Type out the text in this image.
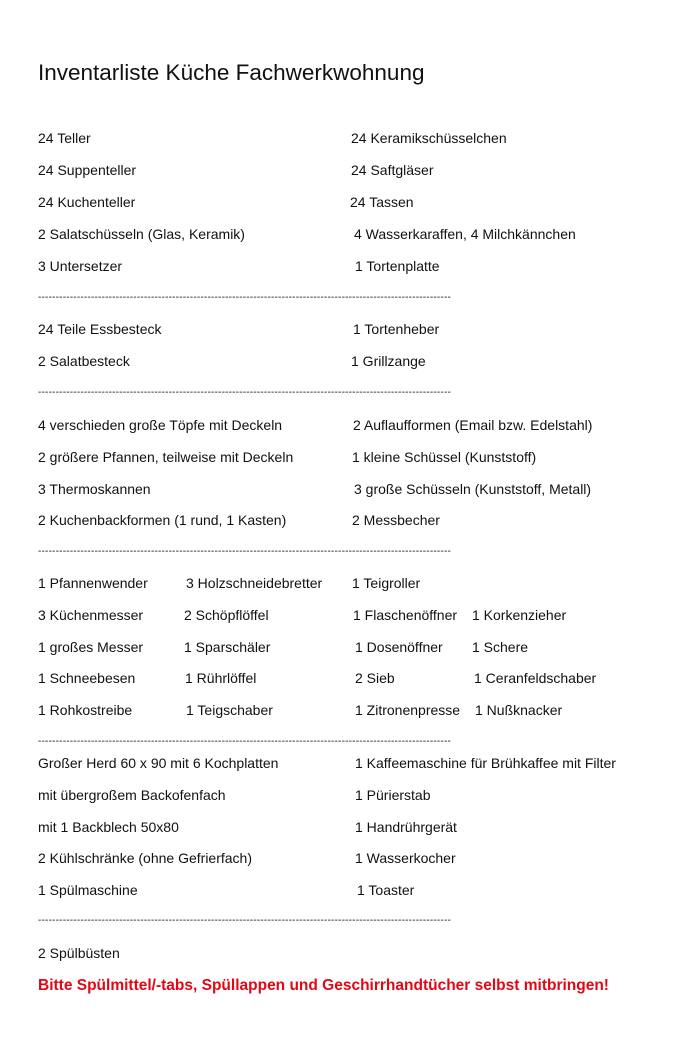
Inventarliste Küche Fachwerkwohnung
24 Teller
24 Suppenteller
24 Kuchenteller
2 Salatschüsseln (Glas, Keramik)
3 Untersetzer
24 Keramikschüsselchen
24 Saftgläser
24 Tassen
4 Wasserkaraffen, 4 Milchkännchen
1 Tortenplatte
---------------------------------------------------------------------------------------------------------------------
24 Teile Essbesteck
2 Salatbesteck
1 Tortenheber
1 Grillzange
---------------------------------------------------------------------------------------------------------------------
4 verschieden große Töpfe mit Deckeln
2 größere Pfannen, teilweise mit Deckeln
3 Thermoskannen
2 Kuchenbackformen (1 rund, 1 Kasten)
2 Auflaufformen (Email bzw. Edelstahl)
1 kleine Schüssel (Kunststoff)
3 große Schüsseln (Kunststoff, Metall)
2 Messbecher
---------------------------------------------------------------------------------------------------------------------
1 Pfannenwender
3 Küchenmesser
1 großes Messer
1 Schneebesen
1 Rohkostreibe
3 Holzschneidebretter
2 Schöpflöffel
1 Sparschäler
1 Rührlöffel
1 Teigschaber
1 Teigroller
1 Flaschenöffner
1 Dosenöffner
2 Sieb
1 Zitronenpresse
1 Korkenzieher
1 Schere
1 Ceranfeldschaber
1 Nußknacker
---------------------------------------------------------------------------------------------------------------------
Großer Herd 60 x 90 mit 6 Kochplatten
mit übergroßem Backofenfach
mit 1 Backblech 50x80
2 Kühlschränke (ohne Gefrierfach)
1 Spülmaschine
1 Kaffeemaschine für Brühkaffee mit Filter
1 Pürierstab
1 Handrührgerät
1 Wasserkocher
1 Toaster
---------------------------------------------------------------------------------------------------------------------
2 Spülbüsten
Bitte Spülmittel/-tabs, Spüllappen und Geschirrhandtücher selbst mitbringen!
